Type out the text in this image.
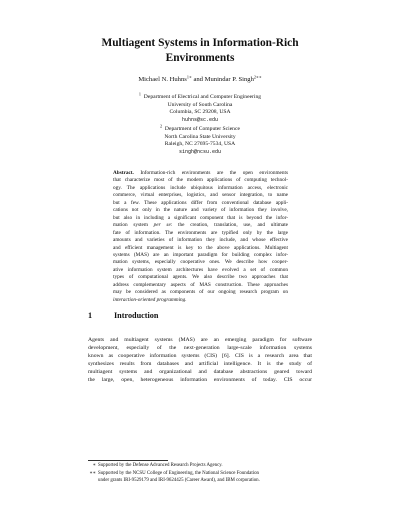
Multiagent Systems in Information-Rich
Environments
Michael N. Huhns$^{1∗}$ and Munindar P. Singh$^{2∗∗}$
$^1$ Department of Electrical and Computer Engineering
University of South Carolina
Columbia, SC 29208, USA
huhns@sc.edu
$^2$ Department of Computer Science
North Carolina State University
Raleigh, NC 27695-7534, USA
singh@ncsu.edu
Abstract. Information-rich environments are the open environments
that characterize most of the modern applications of computing technol-
ogy. The applications include ubiquitous information access, electronic
commerce, virtual enterprises, logistics, and sensor integration, to name
but a few. These applications differ from conventional database appli-
cations not only in the nature and variety of information they involve,
but also in including a significant component that is beyond the infor-
mation system per se: the creation, translation, use, and ultimate
fate of information. The environments are typified only by the large
amounts and varieties of information they include, and whose effective
and efficient management is key to the above applications. Multiagent
systems (MAS) are an important paradigm for building complex infor-
mation systems, especially cooperative ones. We describe how cooper-
ative information system architectures have evolved a set of common
types of computational agents. We also describe two approaches that
address complementary aspects of MAS construction. These approaches
may be considered as components of our ongoing research program on
interaction-oriented programming.
1	Introduction
Agents and multiagent systems (MAS) are an emerging paradigm for software
development, especially of the next-generation large-scale information systems
known as cooperative information systems (CIS) [6]. CIS is a research area that
synthesizes results from databases and artificial intelligence. It is the study of
multiagent systems and organizational and database abstractions geared toward
the large, open, heterogeneous information environments of today. CIS occur
∗ Supported by the Defense Advanced Research Projects Agency.
∗∗ Supported by the NCSU College of Engineering, the National Science Foundation
under grants IRI-9529179 and IRI-9624425 (Career Award), and IBM corporation.
